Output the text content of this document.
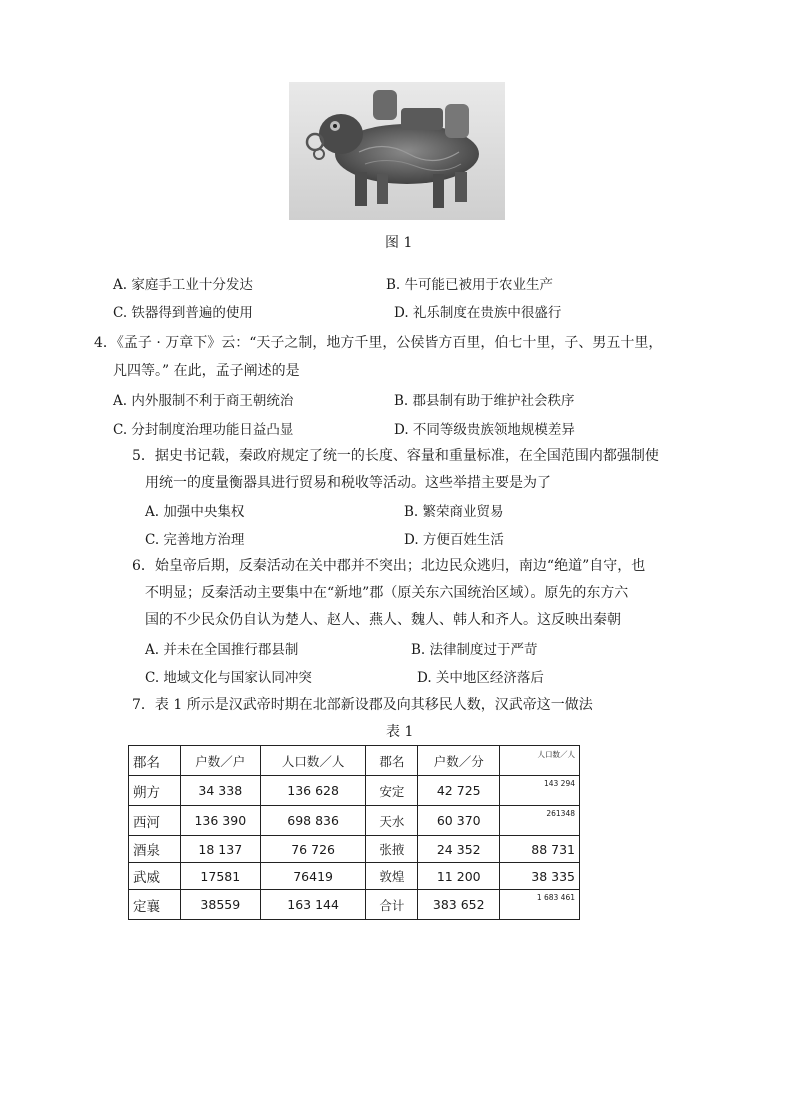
图 1
A. 家庭手工业十分发达	B. 牛可能已被用于农业生产
C. 铁器得到普遍的使用	D. 礼乐制度在贵族中很盛行
4．《孟子 · 万章下》云：“天子之制，地方千里，公侯皆方百里，伯七十里，子、男五十里，
凡四等。” 在此，孟子阐述的是
A. 内外服制不利于商王朝统治	B. 郡县制有助于维护社会秩序
C. 分封制度治理功能日益凸显	D. 不同等级贵族领地规模差异
5．据史书记载，秦政府规定了统一的长度、容量和重量标准，在全国范围内都强制使
用统一的度量衡器具进行贸易和税收等活动。这些举措主要是为了
A. 加强中央集权	B. 繁荣商业贸易
C. 完善地方治理	D. 方便百姓生活
6．始皇帝后期，反秦活动在关中郡并不突出；北边民众逃归，南边“绝道”自守，也
不明显；反秦活动主要集中在“新地”郡（原关东六国统治区域）。原先的东方六
国的不少民众仍自认为楚人、赵人、燕人、魏人、韩人和齐人。这反映出秦朝
A. 并未在全国推行郡县制	B. 法律制度过于严苛
C. 地域文化与国家认同冲突	D. 关中地区经济落后
7．表 1 所示是汉武帝时期在北部新设郡及向其移民人数，汉武帝这一做法
表 1
郡名	户数／户	人口数／人	郡名	户数／分	人口数／人
朔方	34 338	136 628	安定	42 725	143 294
西河	136 390	698 836	天水	60 370	261348
酒泉	18 137	76 726	张掖	24 352	88 731
武威	17581	76419	敦煌	11 200	38 335
定襄	38559	163 144	合计	383 652	1 683 461
